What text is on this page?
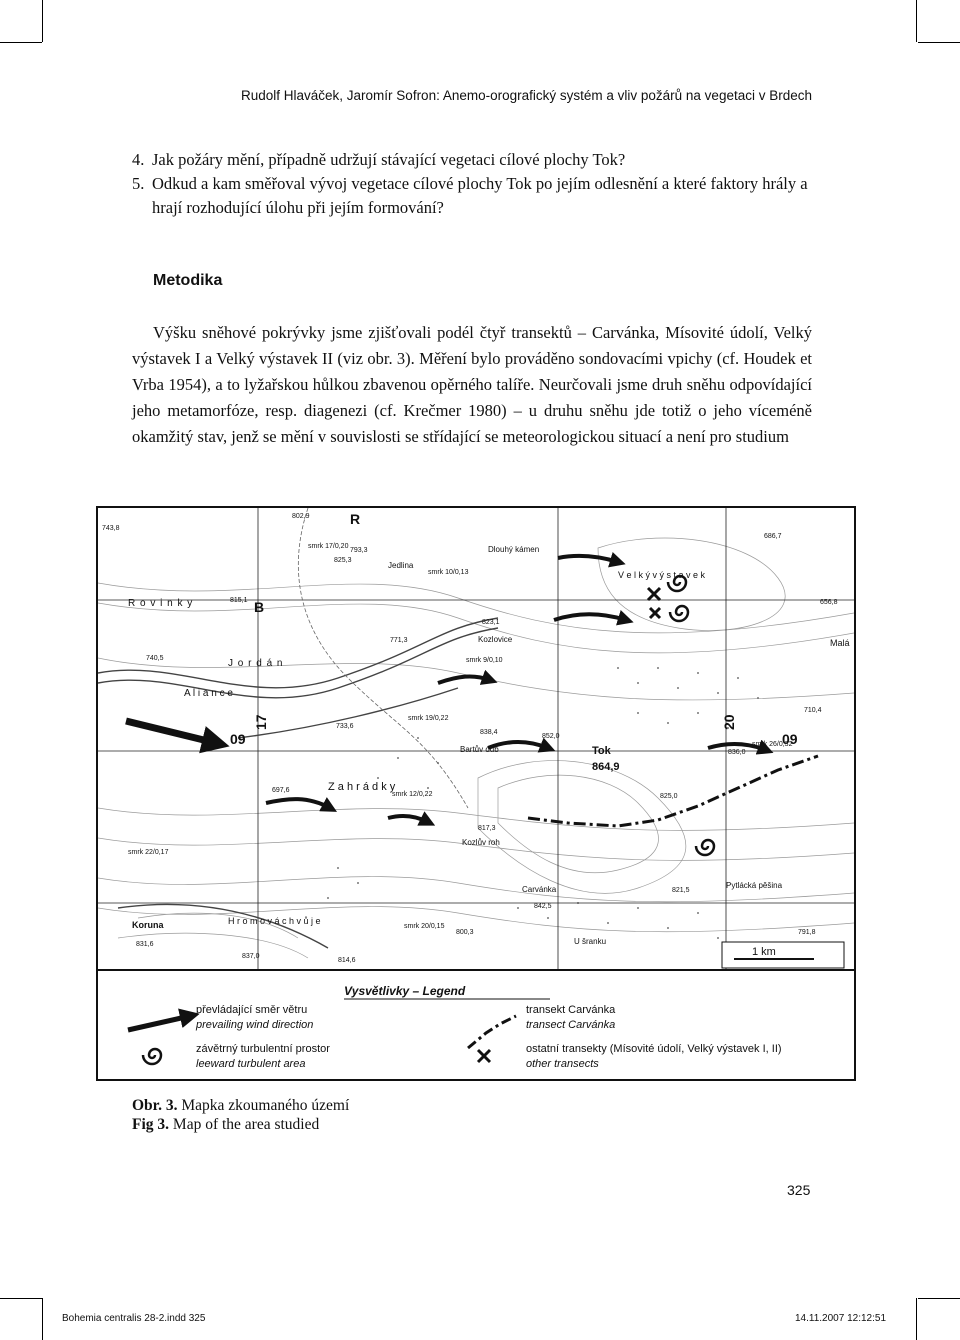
Rudolf Hlaváček, Jaromír Sofron: Anemo-orografický systém a vliv požárů na vegetaci v Brdech
4. Jak požáry mění, případně udržují stávající vegetaci cílové plochy Tok?
5. Odkud a kam směřoval vývoj vegetace cílové plochy Tok po jejím odlesnění a které faktory hrály a hrají rozhodující úlohu při jejím formování?
Metodika
Výšku sněhové pokrývky jsme zjišťovali podél čtyř transektů – Carvánka, Mísovité údolí, Velký výstavek I a Velký výstavek II (viz obr. 3). Měření bylo prováděno sondovacími vpichy (cf. Houdek et Vrba 1954), a to lyžařskou hůlkou zbavenou opěrného talíře. Neurčovali jsme druh sněhu odpovídající jeho metamorfóze, resp. diagenezi (cf. Krečmer 1980) – u druhu sněhu jde totiž o jeho víceméně okamžitý stav, jenž se mění v souvislosti se střídající se meteorologickou situací a není pro studium
R o v i n k y
J o r d á n
A l i a n c e
Z a h r á d k y
H r o m o v á c h v ů j e
V e l k ý v ý s t a v e k
Dlouhý kámen
Jedlina
Kozlovice
Bartův dub	Tok
864,9
Kozlův roh
Carvánka
Koruna
Pytlácká pěšina
U šranku
Malá
09	09
17	20
R
B
1 km
802,9
743,8
793,3
825,3
686,7
815,1	656,8
823,1
771,3
740,5
733,6
838,4
852,0
710,4
697,6
825,0
817,3
836,0
821,5
842,5
800,3	791,8
831,6
837,0
814,6
smrk 17/0,20
smrk 10/0,13
smrk 9/0,10
smrk 19/0,22
smrk 26/0,32
smrk 12/0,22
smrk 22/0,17
smrk 20/0,15
Vysvětlivky – Legend
převládající směr větru
prevailing wind direction
závětrný turbulentní prostor
leeward turbulent area
transekt Carvánka
transect Carvánka
ostatní transekty (Mísovité údolí, Velký výstavek I, II)
other transects
Obr. 3. Mapka zkoumaného území
Fig 3. Map of the area studied
325
Bohemia centralis 28-2.indd 325	14.11.2007 12:12:51
